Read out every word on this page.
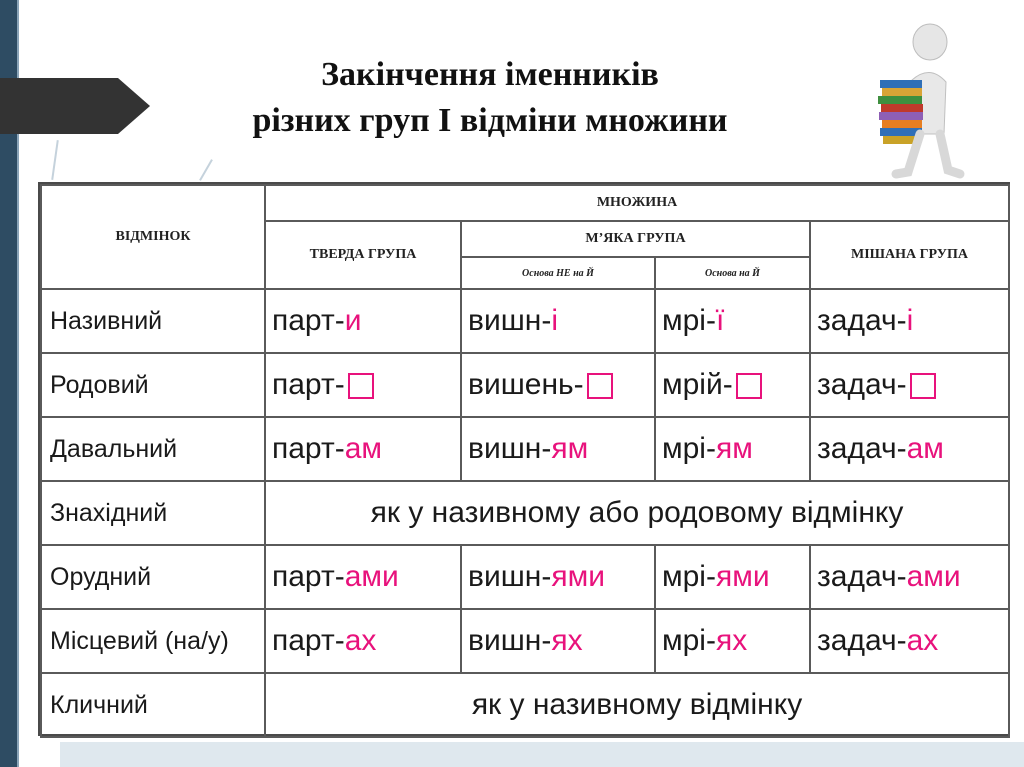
Закінчення іменників
різних груп І відміни множини
ВІДМІНОК	МНОЖИНА			
	ТВЕРДА ГРУПА	М’ЯКА ГРУПА		МІШАНА ГРУПА
		Основа НЕ на Й	Основа на Й	
Називний	парт-и	вишн-і	мрі-ї	задач-і
Родовий	парт-	вишень-	мрій-	задач-
Давальний	парт-ам	вишн-ям	мрі-ям	задач-ам
Знахідний	як у називному або родовому відмінку			
Орудний	парт-ами	вишн-ями	мрі-ями	задач-ами
Місцевий (на/у)	парт-ах	вишн-ях	мрі-ях	задач-ах
Кличний	як у називному відмінку			
